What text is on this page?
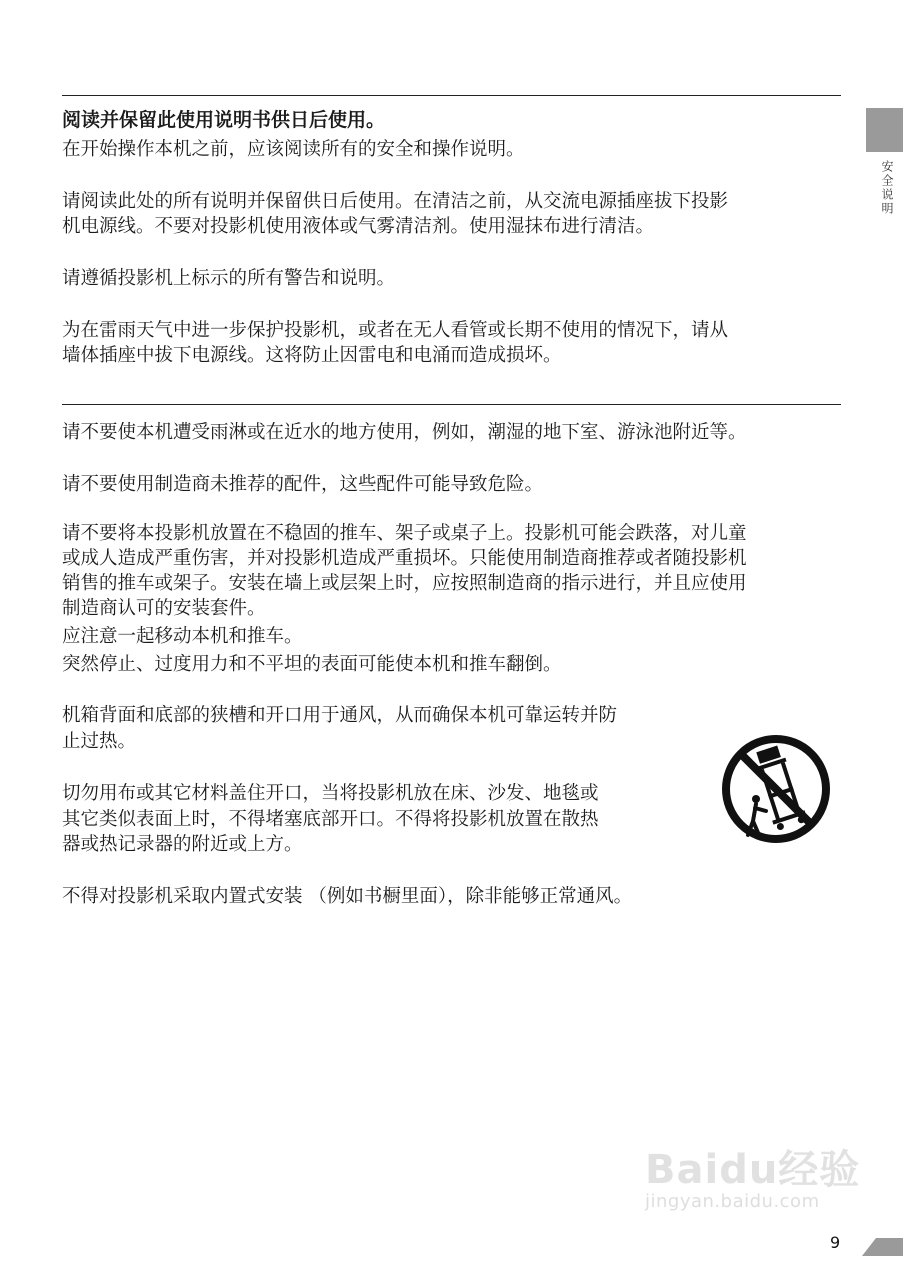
安全说明

阅读并保留此使用说明书供日后使用。

在开始操作本机之前，应该阅读所有的安全和操作说明。

请阅读此处的所有说明并保留供日后使用。在清洁之前，从交流电源插座拔下投影

机电源线。不要对投影机使用液体或气雾清洁剂。使用湿抹布进行清洁。

请遵循投影机上标示的所有警告和说明。

为在雷雨天气中进一步保护投影机，或者在无人看管或长期不使用的情况下，请从

墙体插座中拔下电源线。这将防止因雷电和电涌而造成损坏。

请不要使本机遭受雨淋或在近水的地方使用，例如，潮湿的地下室、游泳池附近等。

请不要使用制造商未推荐的配件，这些配件可能导致危险。

请不要将本投影机放置在不稳固的推车、架子或桌子上。投影机可能会跌落，对儿童

或成人造成严重伤害，并对投影机造成严重损坏。只能使用制造商推荐或者随投影机

销售的推车或架子。安装在墙上或层架上时，应按照制造商的指示进行，并且应使用

制造商认可的安装套件。

应注意一起移动本机和推车。

突然停止、过度用力和不平坦的表面可能使本机和推车翻倒。

机箱背面和底部的狭槽和开口用于通风，从而确保本机可靠运转并防

止过热。

切勿用布或其它材料盖住开口，当将投影机放在床、沙发、地毯或

其它类似表面上时，不得堵塞底部开口。不得将投影机放置在散热

器或热记录器的附近或上方。

不得对投影机采取内置式安装 （例如书橱里面），除非能够正常通风。

Baidu经验
jingyan.baidu.com
9
